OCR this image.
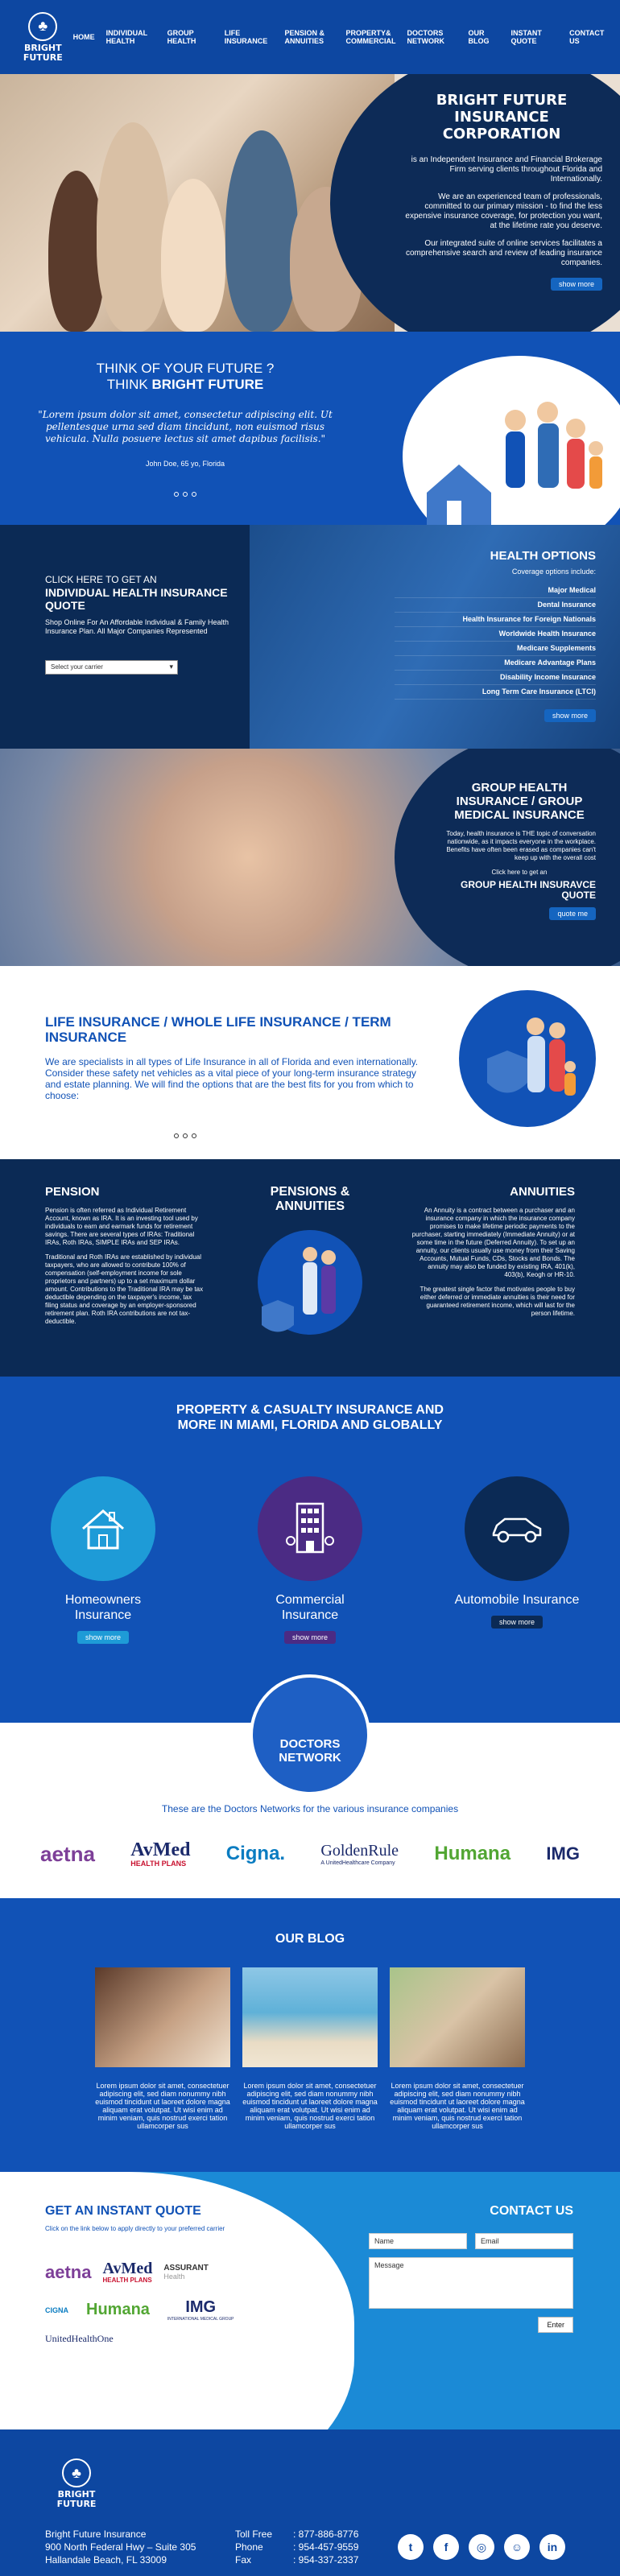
♣
BRIGHT FUTURE
HOME INDIVIDUAL HEALTH
GROUP HEALTH
LIFE INSURANCE
PENSION & ANNUITIES
PROPERTY& COMMERCIAL
DOCTORS NETWORK
OUR BLOG
INSTANT QUOTE
CONTACT US
BRIGHT FUTURE INSURANCE CORPORATION

is an Independent Insurance and Financial Brokerage Firm serving clients throughout Florida and Internationally.

We are an experienced team of professionals, committed to our primary mission - to find the less expensive insurance coverage, for protection you want, at the lifetime rate you deserve.

Our integrated suite of online services facilitates a comprehensive search and review of leading insurance companies.

show more
THINK OF YOUR FUTURE ?
THINK BRIGHT FUTURE
"Lorem ipsum dolor sit amet, consectetur adipiscing elit. Ut pellentesque urna sed diam tincidunt, non euismod risus vehicula. Nulla posuere lectus sit amet dapibus facilisis."
John Doe, 65 yo, Florida
CLICK HERE TO GET AN
INDIVIDUAL HEALTH INSURANCE QUOTE

Shop Online For An Affordable Individual & Family Health Insurance Plan. All Major Companies Represented

Select your carrier ▾
HEALTH OPTIONS
Coverage options include:
Major Medical
Dental Insurance
Health Insurance for Foreign Nationals
Worldwide Health Insurance
Medicare Supplements
Medicare Advantage Plans
Disability Income Insurance
Long Term Care Insurance (LTCI)
show more
GROUP HEALTH INSURANCE / GROUP MEDICAL INSURANCE

Today, health insurance is THE topic of conversation nationwide, as it impacts everyone in the workplace. Benefits have often been erased as companies can't keep up with the overall cost

Click here to get an

GROUP HEALTH INSURAVCE QUOTE
quote me
LIFE INSURANCE / WHOLE LIFE INSURANCE / TERM INSURANCE

We are specialists in all types of Life Insurance in all of Florida and even internationally. Consider these safety net vehicles as a vital piece of your long-term insurance strategy and estate planning. We will find the options that are the best fits for you from which to choose:

PENSION

Pension is often referred as Individual Retirement Account, known as IRA. It is an investing tool used by individuals to earn and earmark funds for retirement savings. There are several types of IRAs: Traditional IRAs, Roth IRAs, SIMPLE IRAs and SEP IRAs.

Traditional and Roth IRAs are established by individual taxpayers, who are allowed to contribute 100% of compensation (self-employment income for sole proprietors and partners) up to a set maximum dollar amount. Contributions to the Traditional IRA may be tax deductible depending on the taxpayer's income, tax filing status and coverage by an employer-sponsored retirement plan. Roth IRA contributions are not tax-deductible.

PENSIONS & ANNUITIES
ANNUITIES

An Annuity is a contract between a purchaser and an insurance company in which the insurance company promises to make lifetime periodic payments to the purchaser, starting immediately (Immediate Annuity) or at some time in the future (Deferred Annuity). To set up an annuity, our clients usually use money from their Saving Accounts, Mutual Funds, CDs, Stocks and Bonds. The annuity may also be funded by existing IRA, 401(k), 403(b), Keogh or HR-10.

The greatest single factor that motivates people to buy either deferred or immediate annuities is their need for guaranteed retirement income, which will last for the person lifetime.

PROPERTY & CASUALTY INSURANCE AND MORE IN MIAMI, FLORIDA AND GLOBALLY
Homeowners Insurance
show more
Commercial Insurance
show more
Automobile Insurance
show more
DOCTORS NETWORK
These are the Doctors Networks for the various insurance companies
aetna AvMed
HEALTH PLANS Cigna. GoldenRule
A UnitedHealthcare Company Humana IMG
OUR BLOG

Lorem ipsum dolor sit amet, consectetuer adipiscing elit, sed diam nonummy nibh euismod tincidunt ut laoreet dolore magna aliquam erat volutpat. Ut wisi enim ad minim veniam, quis nostrud exerci tation ullamcorper sus

Lorem ipsum dolor sit amet, consectetuer adipiscing elit, sed diam nonummy nibh euismod tincidunt ut laoreet dolore magna aliquam erat volutpat. Ut wisi enim ad minim veniam, quis nostrud exerci tation ullamcorper sus

Lorem ipsum dolor sit amet, consectetuer adipiscing elit, sed diam nonummy nibh euismod tincidunt ut laoreet dolore magna aliquam erat volutpat. Ut wisi enim ad minim veniam, quis nostrud exerci tation ullamcorper sus

GET AN INSTANT QUOTE
Click on the link below to apply directly to your preferred carrier
aetna AvMed
HEALTH PLANS
ASSURANT
Health
CIGNA Humana IMG
INTERNATIONAL MEDICAL GROUP
UnitedHealthOne
CONTACT US
Name	Email
Message
Enter
♣
BRIGHT FUTURE
Bright Future Insurance
900 North Federal Hwy – Suite 305
Hallandale Beach, FL 33009
Toll Free	: 877-886-8776
Phone	: 954-457-9559
Fax	: 954-337-2337
t	f	◎	☺	in
